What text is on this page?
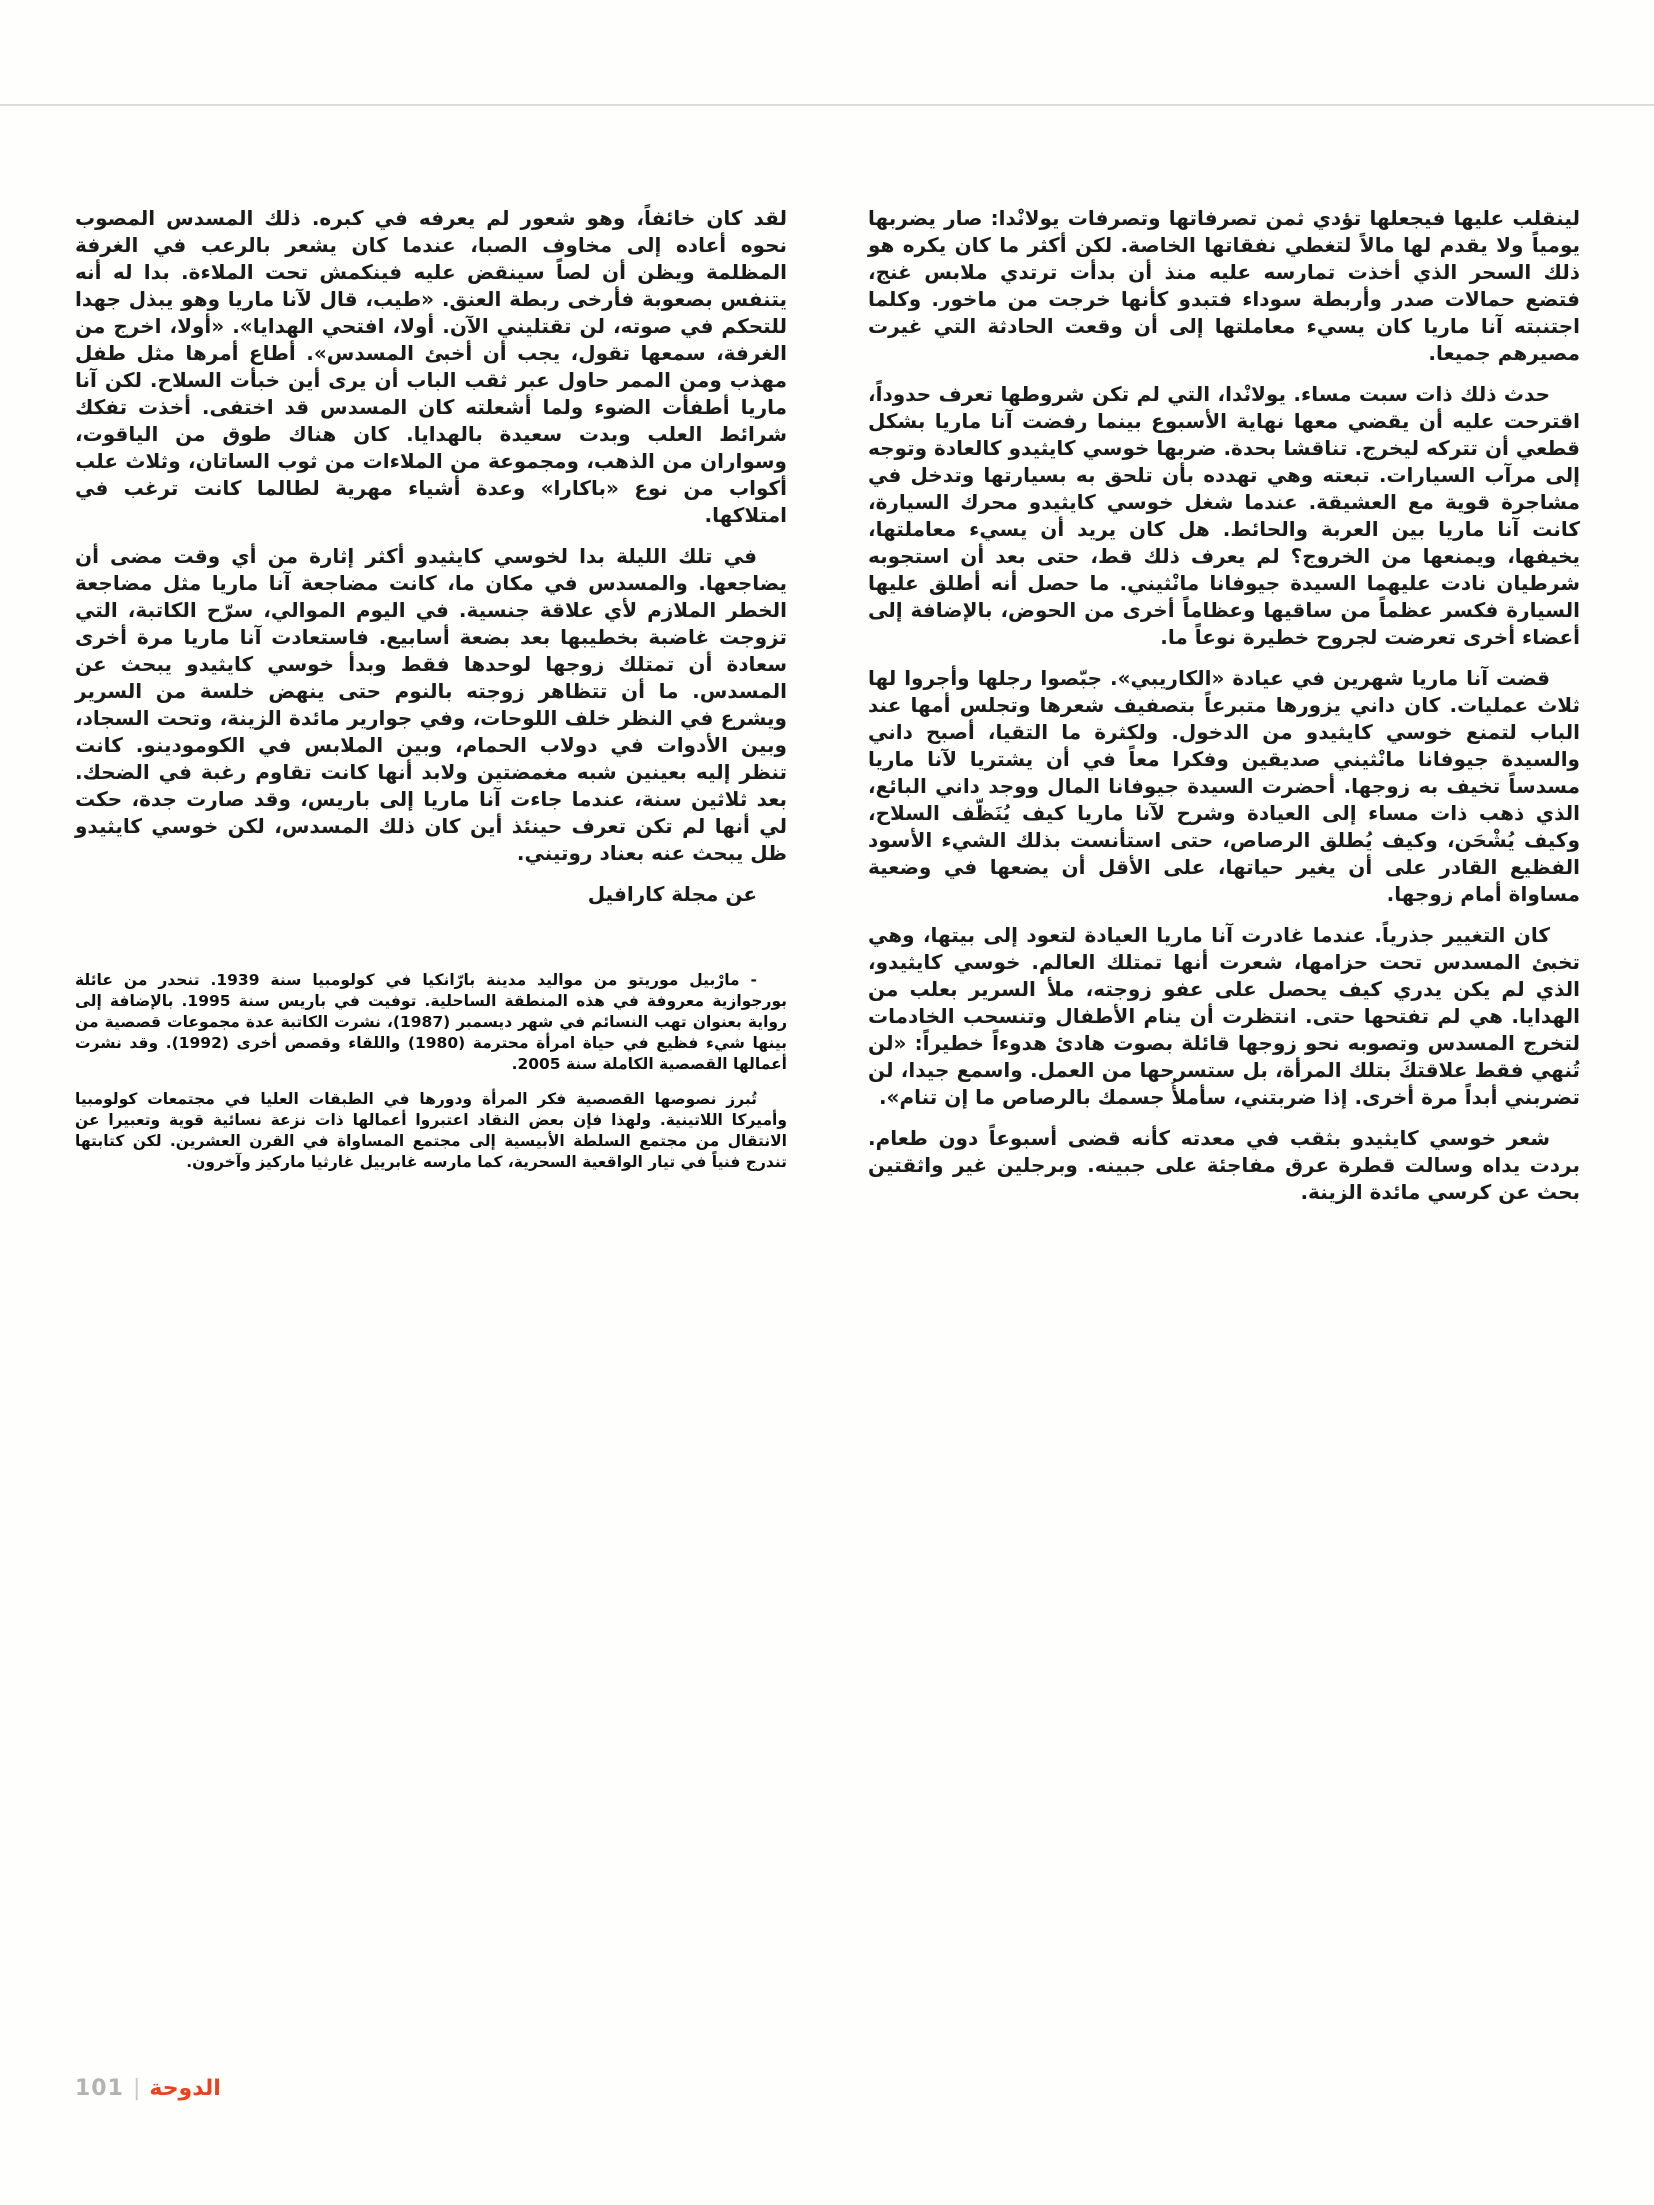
لينقلب عليها فيجعلها تؤدي ثمن تصرفاتها وتصرفات يولانْدا: صار يضربها يومياً ولا يقدم لها مالاً لتغطي نفقاتها الخاصة. لكن أكثر ما كان يكره هو ذلك السحر الذي أخذت تمارسه عليه منذ أن بدأت ترتدي ملابس غنج، فتضع حمالات صدر وأربطة سوداء فتبدو كأنها خرجت من ماخور. وكلما اجتنبته آنا ماريا كان يسيء معاملتها إلى أن وقعت الحادثة التي غيرت مصيرهم جميعا.

حدث ذلك ذات سبت مساء. يولانْدا، التي لم تكن شروطها تعرف حدوداً، اقترحت عليه أن يقضي معها نهاية الأسبوع بينما رفضت آنا ماريا بشكل قطعي أن تتركه ليخرج. تناقشا بحدة. ضربها خوسي كايثيدو كالعادة وتوجه إلى مرآب السيارات. تبعته وهي تهدده بأن تلحق به بسيارتها وتدخل في مشاجرة قوية مع العشيقة. عندما شغل خوسي كايثيدو محرك السيارة، كانت آنا ماريا بين العربة والحائط. هل كان يريد أن يسيء معاملتها، يخيفها، ويمنعها من الخروج؟ لم يعرف ذلك قط، حتى بعد أن استجوبه شرطيان نادت عليهما السيدة جيوفانا مانْثيني. ما حصل أنه أطلق عليها السيارة فكسر عظماً من ساقيها وعظاماً أخرى من الحوض، بالإضافة إلى أعضاء أخرى تعرضت لجروح خطيرة نوعاً ما.

قضت آنا ماريا شهرين في عيادة «الكاريبي». جبّصوا رجلها وأجروا لها ثلاث عمليات. كان داني يزورها متبرعاً بتصفيف شعرها وتجلس أمها عند الباب لتمنع خوسي كايثيدو من الدخول. ولكثرة ما التقيا، أصبح داني والسيدة جيوفانا مانْثيني صديقين وفكرا معاً في أن يشتريا لآنا ماريا مسدساً تخيف به زوجها. أحضرت السيدة جيوفانا المال ووجد داني البائع، الذي ذهب ذات مساء إلى العيادة وشرح لآنا ماريا كيف يُنَظّف السلاح، وكيف يُشْحَن، وكيف يُطلق الرصاص، حتى استأنست بذلك الشيء الأسود الفظيع القادر على أن يغير حياتها، على الأقل أن يضعها في وضعية مساواة أمام زوجها.

كان التغيير جذرياً. عندما غادرت آنا ماريا العيادة لتعود إلى بيتها، وهي تخبئ المسدس تحت حزامها، شعرت أنها تمتلك العالم. خوسي كايثيدو، الذي لم يكن يدري كيف يحصل على عفو زوجته، ملأ السرير بعلب من الهدايا. هي لم تفتحها حتى. انتظرت أن ينام الأطفال وتنسحب الخادمات لتخرج المسدس وتصوبه نحو زوجها قائلة بصوت هادئ هدوءاً خطيراً: «لن تُنهي فقط علاقتكَ بتلك المرأة، بل ستسرحها من العمل. واسمع جيدا، لن تضربني أبداً مرة أخرى. إذا ضربتني، سأملأُ جسمك بالرصاص ما إن تنام».

شعر خوسي كايثيدو بثقب في معدته كأنه قضى أسبوعاً دون طعام. بردت يداه وسالت قطرة عرق مفاجئة على جبينه. وبرجلين غير واثقتين بحث عن كرسي مائدة الزينة.

لقد كان خائفاً، وهو شعور لم يعرفه في كبره. ذلك المسدس المصوب نحوه أعاده إلى مخاوف الصبا، عندما كان يشعر بالرعب في الغرفة المظلمة ويظن أن لصاً سينقض عليه فينكمش تحت الملاءة. بدا له أنه يتنفس بصعوبة فأرخى ربطة العنق. «طيب، قال لآنا ماريا وهو يبذل جهدا للتحكم في صوته، لن تقتليني الآن. أولا، افتحي الهدايا». «أولا، اخرج من الغرفة، سمعها تقول، يجب أن أخبئ المسدس». أطاع أمرها مثل طفل مهذب ومن الممر حاول عبر ثقب الباب أن يرى أين خبأت السلاح. لكن آنا ماريا أطفأت الضوء ولما أشعلته كان المسدس قد اختفى. أخذت تفكك شرائط العلب وبدت سعيدة بالهدايا. كان هناك طوق من الياقوت، وسواران من الذهب، ومجموعة من الملاءات من ثوب الساتان، وثلاث علب أكواب من نوع «باكارا» وعدة أشياء مهرية لطالما كانت ترغب في امتلاكها.

في تلك الليلة بدا لخوسي كايثيدو أكثر إثارة من أي وقت مضى أن يضاجعها. والمسدس في مكان ما، كانت مضاجعة آنا ماريا مثل مضاجعة الخطر الملازم لأي علاقة جنسية. في اليوم الموالي، سرّح الكاتبة، التي تزوجت غاضبة بخطيبها بعد بضعة أسابيع. فاستعادت آنا ماريا مرة أخرى سعادة أن تمتلك زوجها لوحدها فقط وبدأ خوسي كايثيدو يبحث عن المسدس. ما أن تتظاهر زوجته بالنوم حتى ينهض خلسة من السرير ويشرع في النظر خلف اللوحات، وفي جوارير مائدة الزينة، وتحت السجاد، وبين الأدوات في دولاب الحمام، وبين الملابس في الكومودينو. كانت تنظر إليه بعينين شبه مغمضتين ولابد أنها كانت تقاوم رغبة في الضحك. بعد ثلاثين سنة، عندما جاءت آنا ماريا إلى باريس، وقد صارت جدة، حكت لي أنها لم تكن تعرف حينئذ أين كان ذلك المسدس، لكن خوسي كايثيدو ظل يبحث عنه بعناد روتيني.

عن مجلة كارافيل

- مارْبيل موريتو من مواليد مدينة بارّانكيا في كولومبيا سنة 1939. تنحدر من عائلة بورجوازية معروفة في هذه المنطقة الساحلية. توفيت في باريس سنة 1995. بالإضافة إلى رواية بعنوان تهب النسائم في شهر ديسمبر (1987)، نشرت الكاتبة عدة مجموعات قصصية من بينها شيء فظيع في حياة امرأة محترمة (1980) واللقاء وقصص أخرى (1992). وقد نشرت أعمالها القصصية الكاملة سنة 2005.

تُبرز نصوصها القصصية فكر المرأة ودورها في الطبقات العليا في مجتمعات كولومبيا وأميركا اللاتينية. ولهذا فإن بعض النقاد اعتبروا أعمالها ذات نزعة نسائية قوية وتعبيرا عن الانتقال من مجتمع السلطة الأبيسية إلى مجتمع المساواة في القرن العشرين. لكن كتابتها تندرج فنياً في تيار الواقعية السحرية، كما مارسه غابرييل غارثيا ماركيز وآخرون.

101 | الدوحة
